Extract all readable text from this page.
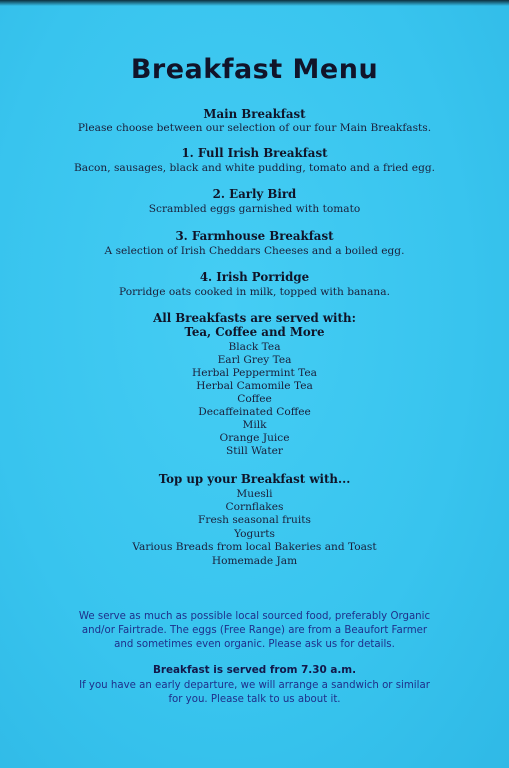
Breakfast Menu
Main Breakfast
Please choose between our selection of our four Main Breakfasts.
1. Full Irish Breakfast
Bacon, sausages, black and white pudding, tomato and a fried egg.
2. Early Bird
Scrambled eggs garnished with tomato
3. Farmhouse Breakfast
A selection of Irish Cheddars Cheeses and a boiled egg.
4. Irish Porridge
Porridge oats cooked in milk, topped with banana.
All Breakfasts are served with:
Tea, Coffee and More
Black Tea
Earl Grey Tea
Herbal Peppermint Tea
Herbal Camomile Tea
Coffee
Decaffeinated Coffee
Milk
Orange Juice
Still Water
Top up your Breakfast with...
Muesli
Cornflakes
Fresh seasonal fruits
Yogurts
Various Breads from local Bakeries and Toast
Homemade Jam
We serve as much as possible local sourced food, preferably Organic
and/or Fairtrade. The eggs (Free Range) are from a Beaufort Farmer
and sometimes even organic. Please ask us for details.
Breakfast is served from 7.30 a.m.
If you have an early departure, we will arrange a sandwich or similar
for you. Please talk to us about it.
